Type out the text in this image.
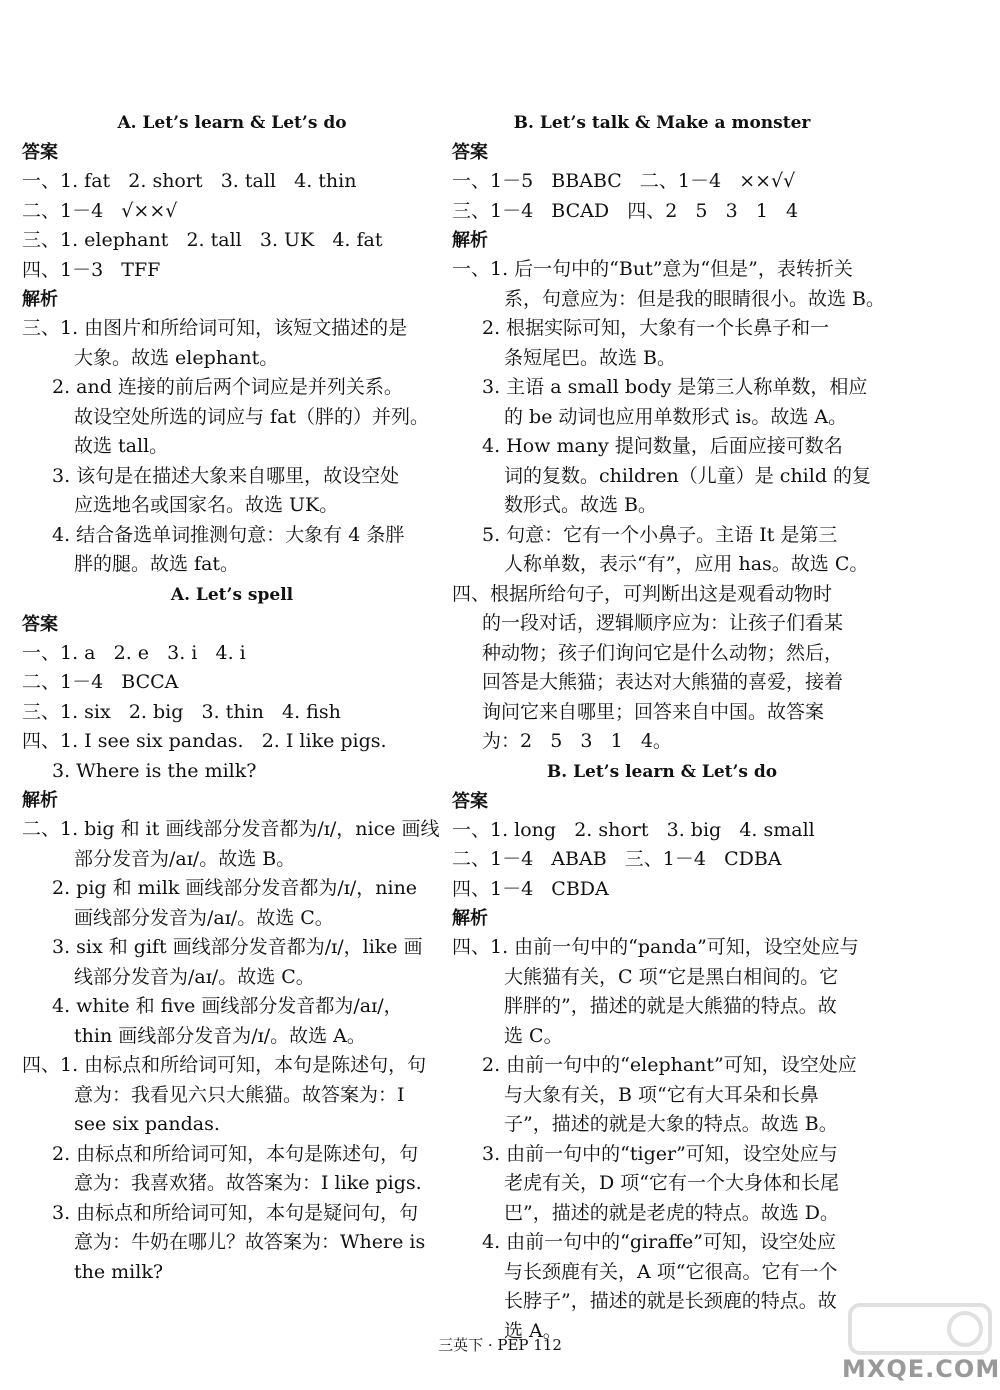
A. Let’s learn & Let’s do
答案
一、1. fat   2. short   3. tall   4. thin
二、1－4   √××√
三、1. elephant   2. tall   3. UK   4. fat
四、1－3   TFF
解析
三、1. 由图片和所给词可知，该短文描述的是
大象。故选 elephant。
2. and 连接的前后两个词应是并列关系。
故设空处所选的词应与 fat（胖的）并列。
故选 tall。
3. 该句是在描述大象来自哪里，故设空处
应选地名或国家名。故选 UK。
4. 结合备选单词推测句意：大象有 4 条胖
胖的腿。故选 fat。
A. Let’s spell
答案
一、1. a   2. e   3. i   4. i
二、1－4   BCCA
三、1. six   2. big   3. thin   4. fish
四、1. I see six pandas.   2. I like pigs.
3. Where is the milk?
解析
二、1. big 和 it 画线部分发音都为/ɪ/，nice 画线
部分发音为/aɪ/。故选 B。
2. pig 和 milk 画线部分发音都为/ɪ/，nine
画线部分发音为/aɪ/。故选 C。
3. six 和 gift 画线部分发音都为/ɪ/，like 画
线部分发音为/aɪ/。故选 C。
4. white 和 five 画线部分发音都为/aɪ/，
thin 画线部分发音为/ɪ/。故选 A。
四、1. 由标点和所给词可知，本句是陈述句，句
意为：我看见六只大熊猫。故答案为：I
see six pandas.
2. 由标点和所给词可知，本句是陈述句，句
意为：我喜欢猪。故答案为：I like pigs.
3. 由标点和所给词可知，本句是疑问句，句
意为：牛奶在哪儿？故答案为：Where is
the milk?
B. Let’s talk & Make a monster
答案
一、1－5   BBABC   二、1－4   ××√√
三、1－4   BCAD   四、2   5   3   1   4
解析
一、1. 后一句中的“But”意为“但是”，表转折关
系，句意应为：但是我的眼睛很小。故选 B。
2. 根据实际可知，大象有一个长鼻子和一
条短尾巴。故选 B。
3. 主语 a small body 是第三人称单数，相应
的 be 动词也应用单数形式 is。故选 A。
4. How many 提问数量，后面应接可数名
词的复数。children（儿童）是 child 的复
数形式。故选 B。
5. 句意：它有一个小鼻子。主语 It 是第三
人称单数，表示“有”，应用 has。故选 C。
四、根据所给句子，可判断出这是观看动物时
的一段对话，逻辑顺序应为：让孩子们看某
种动物；孩子们询问它是什么动物；然后，
回答是大熊猫；表达对大熊猫的喜爱，接着
询问它来自哪里；回答来自中国。故答案
为：2   5   3   1   4。
B. Let’s learn & Let’s do
答案
一、1. long   2. short   3. big   4. small
二、1－4   ABAB   三、1－4   CDBA
四、1－4   CBDA
解析
四、1. 由前一句中的“panda”可知，设空处应与
大熊猫有关，C 项“它是黑白相间的。它
胖胖的”，描述的就是大熊猫的特点。故
选 C。
2. 由前一句中的“elephant”可知，设空处应
与大象有关，B 项“它有大耳朵和长鼻
子”，描述的就是大象的特点。故选 B。
3. 由前一句中的“tiger”可知，设空处应与
老虎有关，D 项“它有一个大身体和长尾
巴”，描述的就是老虎的特点。故选 D。
4. 由前一句中的“giraffe”可知，设空处应
与长颈鹿有关，A 项“它很高。它有一个
长脖子”，描述的就是长颈鹿的特点。故
选 A。
三英下 · PEP 112
MXQE.COM
